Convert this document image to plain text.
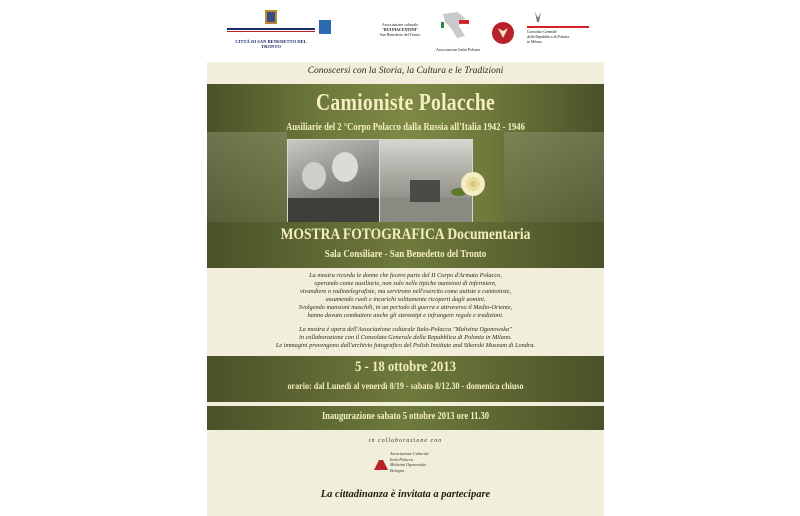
CITTÀ DI SAN BENEDETTO DEL TRONTO
Associazione culturale
"RUI PIACENTINI"
San Benedetto del Tronto
Associazione Italia-Polonia
Consolato Generale
della Repubblica di Polonia
in Milano
Conoscersi con la Storia, la Cultura e le Tradizioni
Camioniste Polacche
Ausiliarie del 2 °Corpo Polacco dalla Russia all'Italia 1942 - 1946
MOSTRA FOTOGRAFICA Documentaria
Sala Consiliare - San Benedetto del Tronto

La mostra ricorda le donne che fecero parte del II Corpo d'Armata Polacco,
operando come ausiliarie, non solo nelle tipiche mansioni di infermiere,
vivandiere o radiotelegrafiste, ma servirono nell'esercito come autiste e camioniste,
assumendo ruoli e incarichi solitamente ricoperti dagli uomini.
Svolgendo mansioni maschili, in un periodo di guerra e attraverso il Medio-Oriente,
hanno dovuto combattere anche gli stereotipi e infrangere regole e tradizioni.

La mostra è opera dell'Associazione culturale Italo-Polacca "Malwina Ogonowska"
in collaborazione con il Consolato Generale della Repubblica di Polonia in Milano.
Le immagini provengono dall'archivio fotografico del Polish Institute and Sikorski Museum di Londra.

5 - 18 ottobre 2013
orario: dal Lunedì al venerdì 8/19 - sabato 8/12.30 - domenica chiuso
Inaugurazione sabato 5 ottobre 2013 ore 11.30
in collaborazione con
Associazione Culturale
Italo-Polacca
Malwina Ogonowska
Bologna
La cittadinanza è invitata a partecipare
